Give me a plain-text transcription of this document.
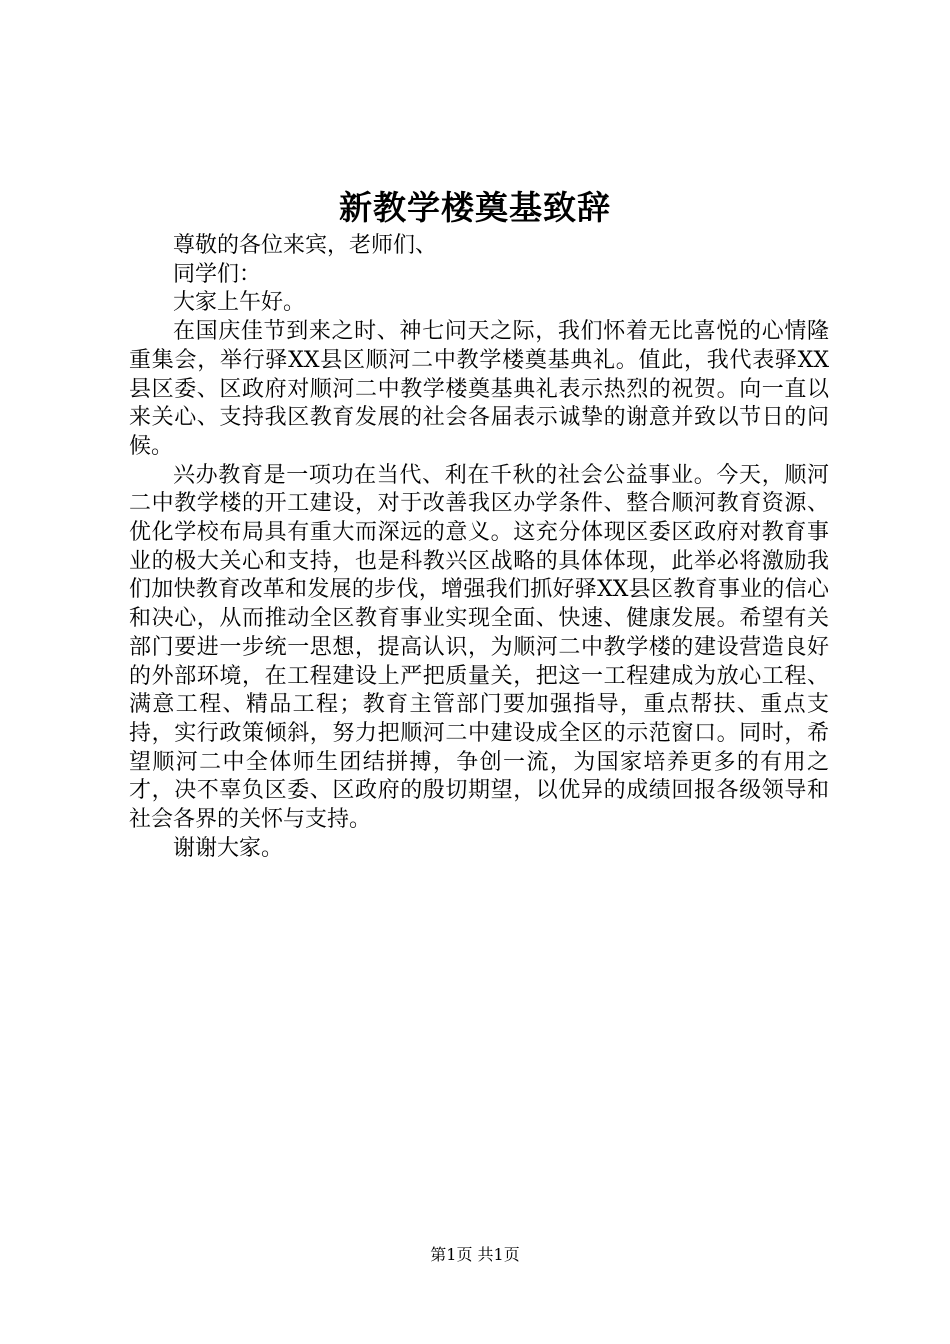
新教学楼奠基致辞

尊敬的各位来宾，老师们、

同学们：

大家上午好。

在国庆佳节到来之时、神七问天之际，我们怀着无比喜悦的心情隆重集会，举行驿XX县区顺河二中教学楼奠基典礼。值此，我代表驿XX县区委、区政府对顺河二中教学楼奠基典礼表示热烈的祝贺。向一直以来关心、支持我区教育发展的社会各届表示诚挚的谢意并致以节日的问候。

兴办教育是一项功在当代、利在千秋的社会公益事业。今天，顺河二中教学楼的开工建设，对于改善我区办学条件、整合顺河教育资源、优化学校布局具有重大而深远的意义。这充分体现区委区政府对教育事业的极大关心和支持，也是科教兴区战略的具体体现，此举必将激励我们加快教育改革和发展的步伐，增强我们抓好驿XX县区教育事业的信心和决心，从而推动全区教育事业实现全面、快速、健康发展。希望有关部门要进一步统一思想，提高认识，为顺河二中教学楼的建设营造良好的外部环境，在工程建设上严把质量关，把这一工程建成为放心工程、满意工程、精品工程；教育主管部门要加强指导，重点帮扶、重点支持，实行政策倾斜，努力把顺河二中建设成全区的示范窗口。同时，希望顺河二中全体师生团结拼搏，争创一流，为国家培养更多的有用之才，决不辜负区委、区政府的殷切期望，以优异的成绩回报各级领导和社会各界的关怀与支持。

谢谢大家。

第1页 共1页
